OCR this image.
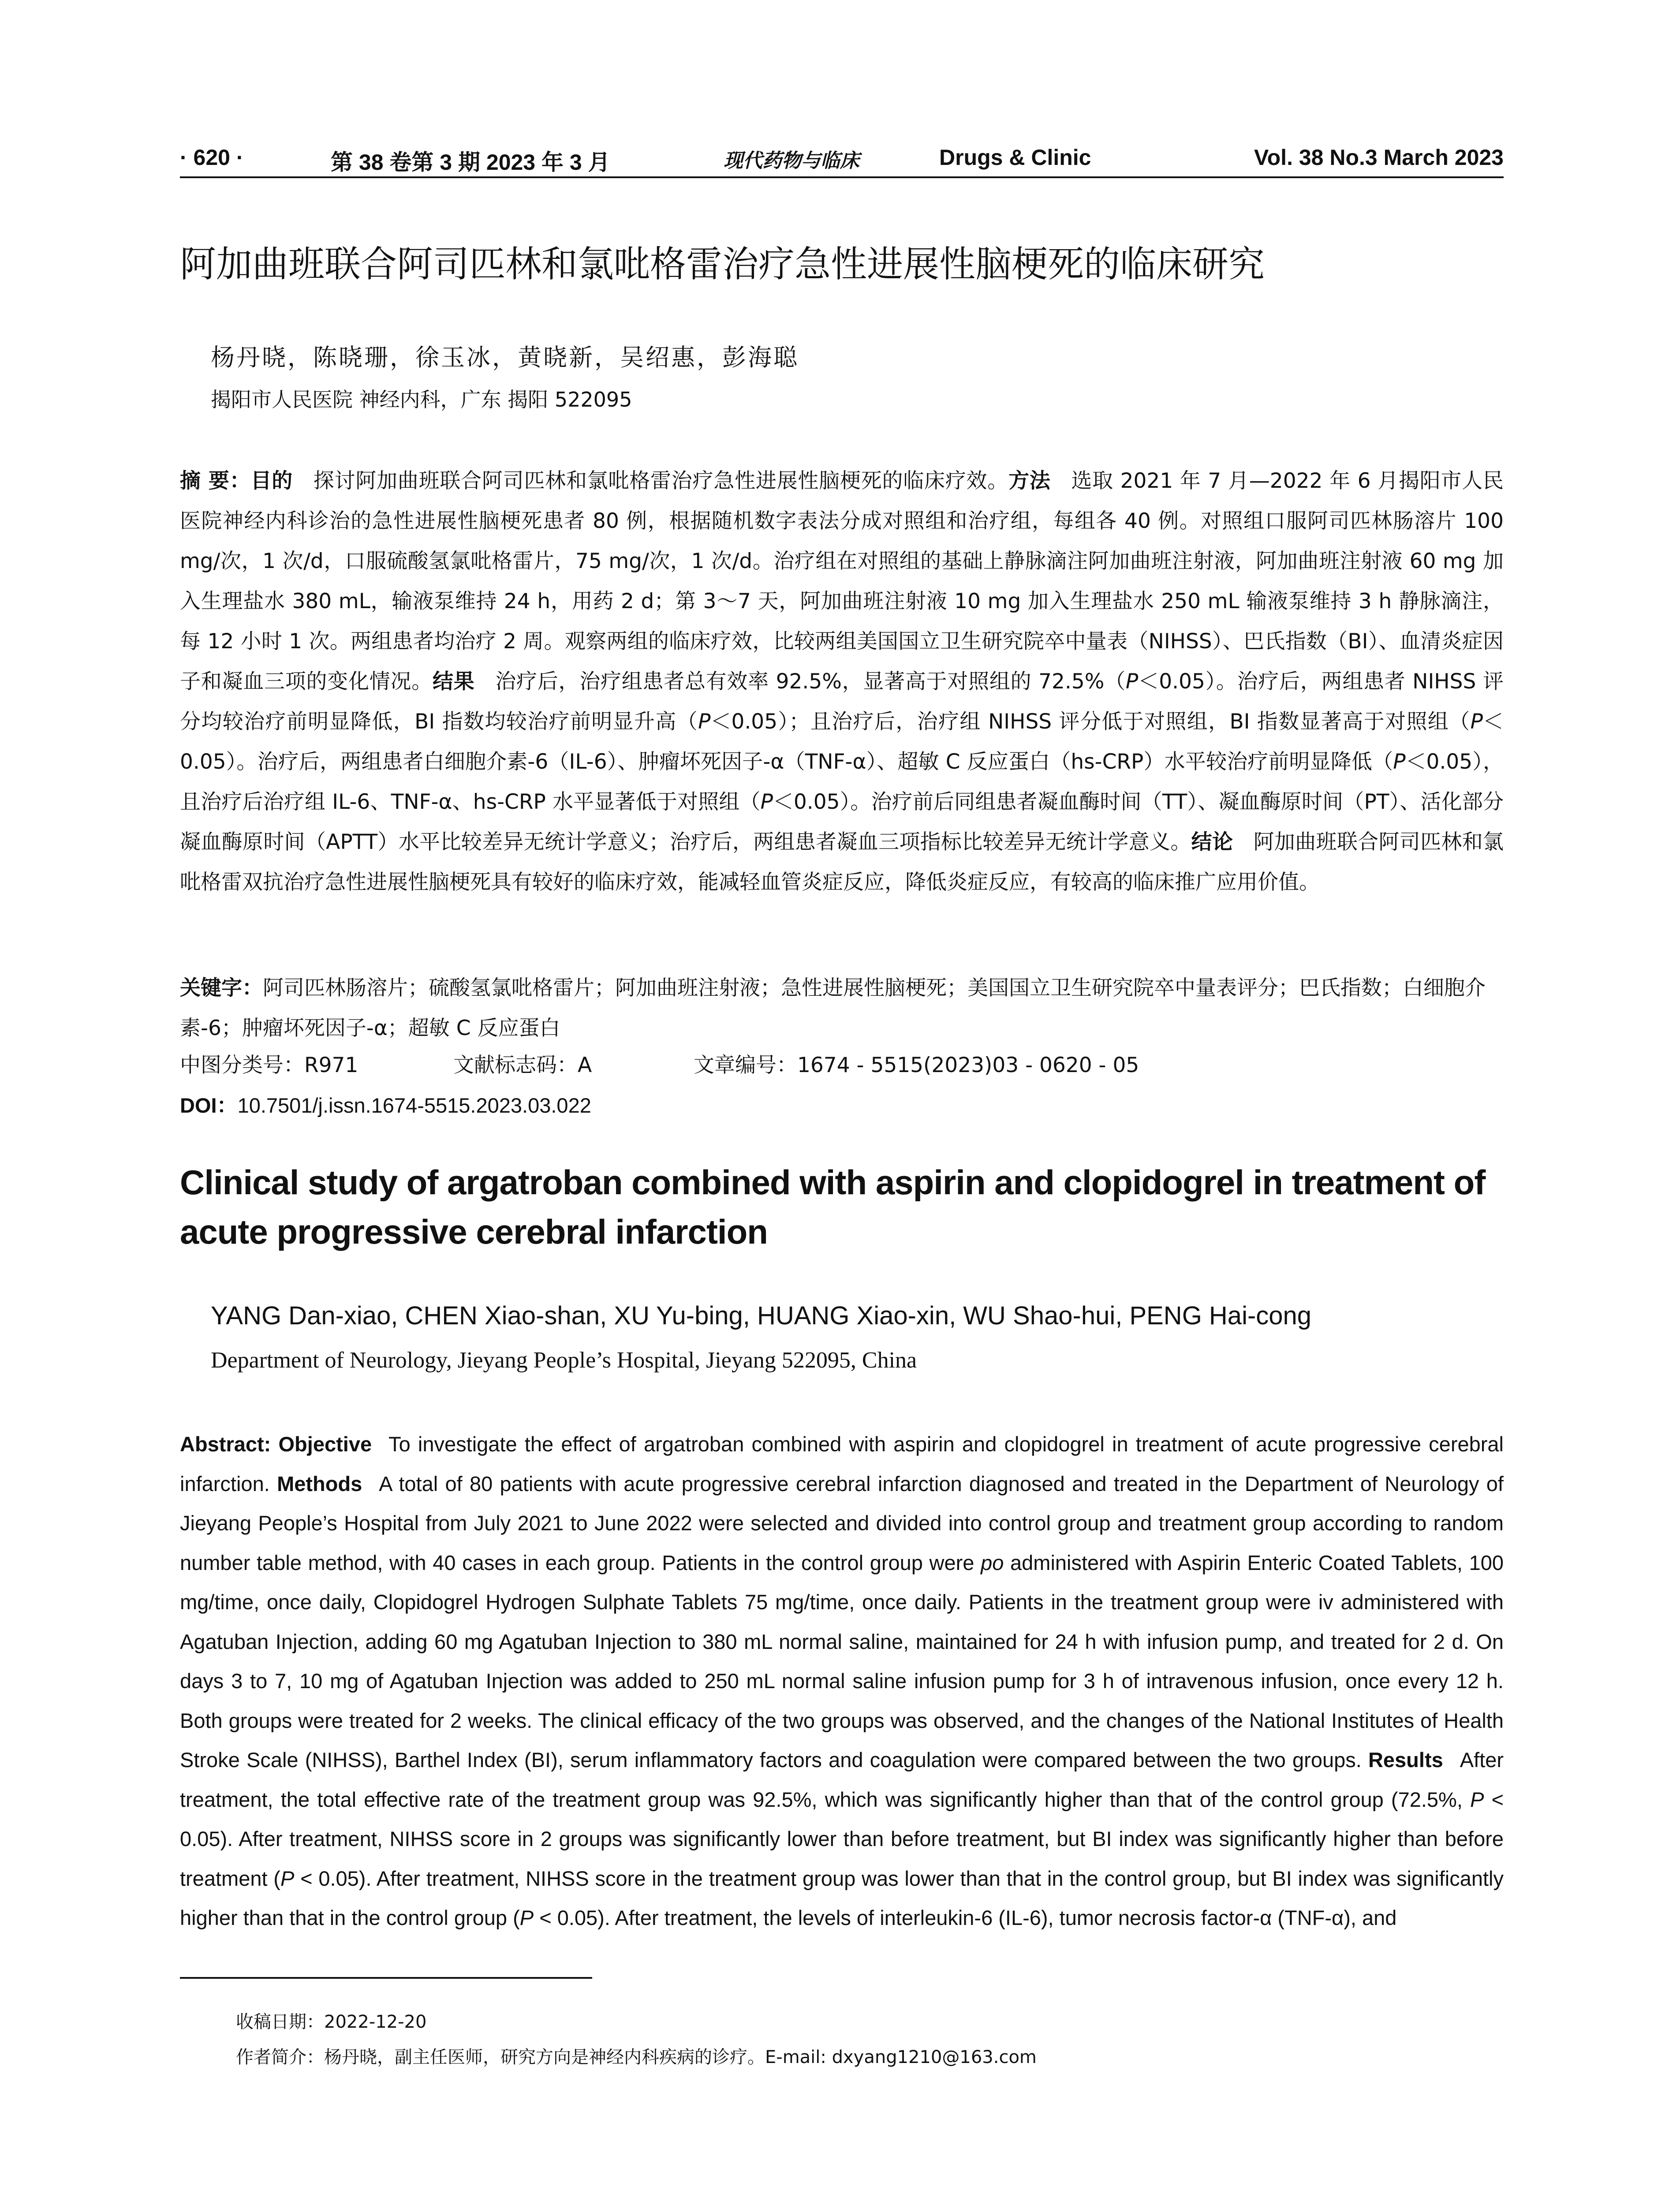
· 620 ·	第 38 卷第 3 期 2023 年 3 月	现代药物与临床	Drugs & Clinic	Vol. 38 No.3 March 2023
阿加曲班联合阿司匹林和氯吡格雷治疗急性进展性脑梗死的临床研究
杨丹晓，陈晓珊，徐玉冰，黄晓新，吴绍惠，彭海聪
揭阳市人民医院 神经内科，广东 揭阳 522095
摘 要：目的 探讨阿加曲班联合阿司匹林和氯吡格雷治疗急性进展性脑梗死的临床疗效。方法 选取 2021 年 7 月—2022 年 6 月揭阳市人民医院神经内科诊治的急性进展性脑梗死患者 80 例，根据随机数字表法分成对照组和治疗组，每组各 40 例。对照组口服阿司匹林肠溶片 100 mg/次，1 次/d，口服硫酸氢氯吡格雷片，75 mg/次，1 次/d。治疗组在对照组的基础上静脉滴注阿加曲班注射液，阿加曲班注射液 60 mg 加入生理盐水 380 mL，输液泵维持 24 h，用药 2 d；第 3～7 天，阿加曲班注射液 10 mg 加入生理盐水 250 mL 输液泵维持 3 h 静脉滴注，每 12 小时 1 次。两组患者均治疗 2 周。观察两组的临床疗效，比较两组美国国立卫生研究院卒中量表（NIHSS）、巴氏指数（BI）、血清炎症因子和凝血三项的变化情况。结果 治疗后，治疗组患者总有效率 92.5%，显著高于对照组的 72.5%（P＜0.05）。治疗后，两组患者 NIHSS 评分均较治疗前明显降低，BI 指数均较治疗前明显升高（P＜0.05）；且治疗后，治疗组 NIHSS 评分低于对照组，BI 指数显著高于对照组（P＜0.05）。治疗后，两组患者白细胞介素-6（IL-6）、肿瘤坏死因子-α（TNF-α）、超敏 C 反应蛋白（hs-CRP）水平较治疗前明显降低（P＜0.05），且治疗后治疗组 IL-6、TNF-α、hs-CRP 水平显著低于对照组（P＜0.05）。治疗前后同组患者凝血酶时间（TT）、凝血酶原时间（PT）、活化部分凝血酶原时间（APTT）水平比较差异无统计学意义；治疗后，两组患者凝血三项指标比较差异无统计学意义。结论 阿加曲班联合阿司匹林和氯吡格雷双抗治疗急性进展性脑梗死具有较好的临床疗效，能减轻血管炎症反应，降低炎症反应，有较高的临床推广应用价值。
关键字：阿司匹林肠溶片；硫酸氢氯吡格雷片；阿加曲班注射液；急性进展性脑梗死；美国国立卫生研究院卒中量表评分；巴氏指数；白细胞介素-6；肿瘤坏死因子-α；超敏 C 反应蛋白
中图分类号：R971	文献标志码：A	文章编号：1674 - 5515(2023)03 - 0620 - 05
DOI：10.7501/j.issn.1674-5515.2023.03.022
Clinical study of argatroban combined with aspirin and clopidogrel in treatment of acute progressive cerebral infarction
YANG Dan-xiao, CHEN Xiao-shan, XU Yu-bing, HUANG Xiao-xin, WU Shao-hui, PENG Hai-cong
Department of Neurology, Jieyang People’s Hospital, Jieyang 522095, China
Abstract: Objective To investigate the effect of argatroban combined with aspirin and clopidogrel in treatment of acute progressive cerebral infarction. Methods A total of 80 patients with acute progressive cerebral infarction diagnosed and treated in the Department of Neurology of Jieyang People’s Hospital from July 2021 to June 2022 were selected and divided into control group and treatment group according to random number table method, with 40 cases in each group. Patients in the control group were po administered with Aspirin Enteric Coated Tablets, 100 mg/time, once daily, Clopidogrel Hydrogen Sulphate Tablets 75 mg/time, once daily. Patients in the treatment group were iv administered with Agatuban Injection, adding 60 mg Agatuban Injection to 380 mL normal saline, maintained for 24 h with infusion pump, and treated for 2 d. On days 3 to 7, 10 mg of Agatuban Injection was added to 250 mL normal saline infusion pump for 3 h of intravenous infusion, once every 12 h. Both groups were treated for 2 weeks. The clinical efficacy of the two groups was observed, and the changes of the National Institutes of Health Stroke Scale (NIHSS), Barthel Index (BI), serum inflammatory factors and coagulation were compared between the two groups. Results After treatment, the total effective rate of the treatment group was 92.5%, which was significantly higher than that of the control group (72.5%, P < 0.05). After treatment, NIHSS score in 2 groups was significantly lower than before treatment, but BI index was significantly higher than before treatment (P < 0.05). After treatment, NIHSS score in the treatment group was lower than that in the control group, but BI index was significantly higher than that in the control group (P < 0.05). After treatment, the levels of interleukin-6 (IL-6), tumor necrosis factor-α (TNF-α), and
收稿日期：2022-12-20
作者简介：杨丹晓，副主任医师，研究方向是神经内科疾病的诊疗。E-mail: dxyang1210@163.com
